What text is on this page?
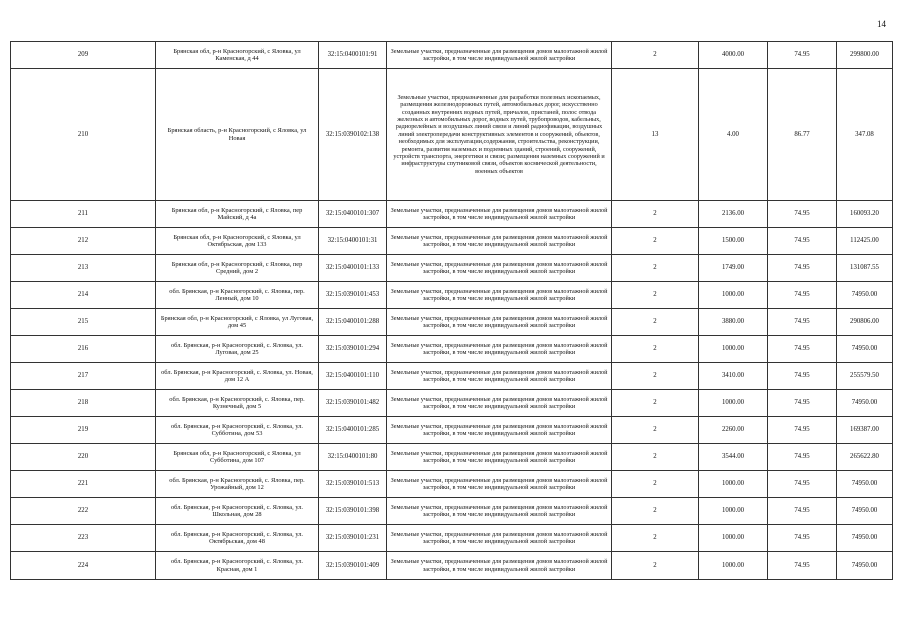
14
209	Брянская обл, р-н Красногорский, с Яловка, ул Каменская, д 44	32:15:0400101:91	Земельные участки, предназначенные для размещения домов малоэтажной жилой застройки, в том числе индивидуальной жилой застройки	2	4000.00	74.95	299800.00
210	Брянская область, р-н Красногорский, с Яловка, ул Новая	32:15:0390102:138	Земельные участки, предназначенные для разработки полезных ископаемых, размещения железнодорожных путей, автомобильных дорог, искусственно созданных внутренних водных путей, причалов, пристаней, полос отвода железных и автомобильных дорог, водных путей, трубопроводов, кабельных, радиорелейных и воздушных линий связи и линий радиофикации, воздушных линий электропередачи конструктивных элементов и сооружений, объектов, необходимых для эксплуатации,содержания, строительства, реконструкции, ремонта, развития наземных и подземных зданий, строений, сооружений, устройств транспорта, энергетики и связи; размещения наземных сооружений и инфраструктуры спутниковой связи, объектов космической деятельности, военных объектов	13	4.00	86.77	347.08
211	Брянская обл, р-н Красногорский, с Яловка, пер Майский, д 4а	32:15:0400101:307	Земельные участки, предназначенные для размещения домов малоэтажной жилой застройки, в том числе индивидуальной жилой застройки	2	2136.00	74.95	160093.20
212	Брянская обл, р-н Красногорский, с Яловка, ул Октябрьская, дом 133	32:15:0400101:31	Земельные участки, предназначенные для размещения домов малоэтажной жилой застройки, в том числе индивидуальной жилой застройки	2	1500.00	74.95	112425.00
213	Брянская обл, р-н Красногорский, с Яловка, пер Средний, дом 2	32:15:0400101:133	Земельные участки, предназначенные для размещения домов малоэтажной жилой застройки, в том числе индивидуальной жилой застройки	2	1749.00	74.95	131087.55
214	обл. Брянская, р-н Красногорский, с. Яловка, пер. Ленный, дом 10	32:15:0390101:453	Земельные участки, предназначенные для размещения домов малоэтажной жилой застройки, в том числе индивидуальной жилой застройки	2	1000.00	74.95	74950.00
215	Брянская обл, р-н Красногорский, с Яловка, ул Луговая, дом 45	32:15:0400101:288	Земельные участки, предназначенные для размещения домов малоэтажной жилой застройки, в том числе индивидуальной жилой застройки	2	3880.00	74.95	290806.00
216	обл. Брянская, р-н Красногорский, с. Яловка, ул. Луговая, дом 25	32:15:0390101:294	Земельные участки, предназначенные для размещения домов малоэтажной жилой застройки, в том числе индивидуальной жилой застройки	2	1000.00	74.95	74950.00
217	обл. Брянская, р-н Красногорский, с. Яловка, ул. Новая, дом 12 А	32:15:0400101:110	Земельные участки, предназначенные для размещения домов малоэтажной жилой застройки, в том числе индивидуальной жилой застройки	2	3410.00	74.95	255579.50
218	обл. Брянская, р-н Красногорский, с. Яловка, пер. Кузнечный, дом 5	32:15:0390101:482	Земельные участки, предназначенные для размещения домов малоэтажной жилой застройки, в том числе индивидуальной жилой застройки	2	1000.00	74.95	74950.00
219	обл. Брянская, р-н Красногорский, с. Яловка, ул. Субботина, дом 53	32:15:0400101:285	Земельные участки, предназначенные для размещения домов малоэтажной жилой застройки, в том числе индивидуальной жилой застройки	2	2260.00	74.95	169387.00
220	Брянская обл, р-н Красногорский, с Яловка, ул Субботина, дом 107	32:15:0400101:80	Земельные участки, предназначенные для размещения домов малоэтажной жилой застройки, в том числе индивидуальной жилой застройки	2	3544.00	74.95	265622.80
221	обл. Брянская, р-н Красногорский, с. Яловка, пер. Урожайный, дом 12	32:15:0390101:513	Земельные участки, предназначенные для размещения домов малоэтажной жилой застройки, в том числе индивидуальной жилой застройки	2	1000.00	74.95	74950.00
222	обл. Брянская, р-н Красногорский, с. Яловка, ул. Школьная, дом 28	32:15:0390101:398	Земельные участки, предназначенные для размещения домов малоэтажной жилой застройки, в том числе индивидуальной жилой застройки	2	1000.00	74.95	74950.00
223	обл. Брянская, р-н Красногорский, с. Яловка, ул. Октябрьская, дом 48	32:15:0390101:231	Земельные участки, предназначенные для размещения домов малоэтажной жилой застройки, в том числе индивидуальной жилой застройки	2	1000.00	74.95	74950.00
224	обл. Брянская, р-н Красногорский, с. Яловка, ул. Красная, дом 1	32:15:0390101:409	Земельные участки, предназначенные для размещения домов малоэтажной жилой застройки, в том числе индивидуальной жилой застройки	2	1000.00	74.95	74950.00
